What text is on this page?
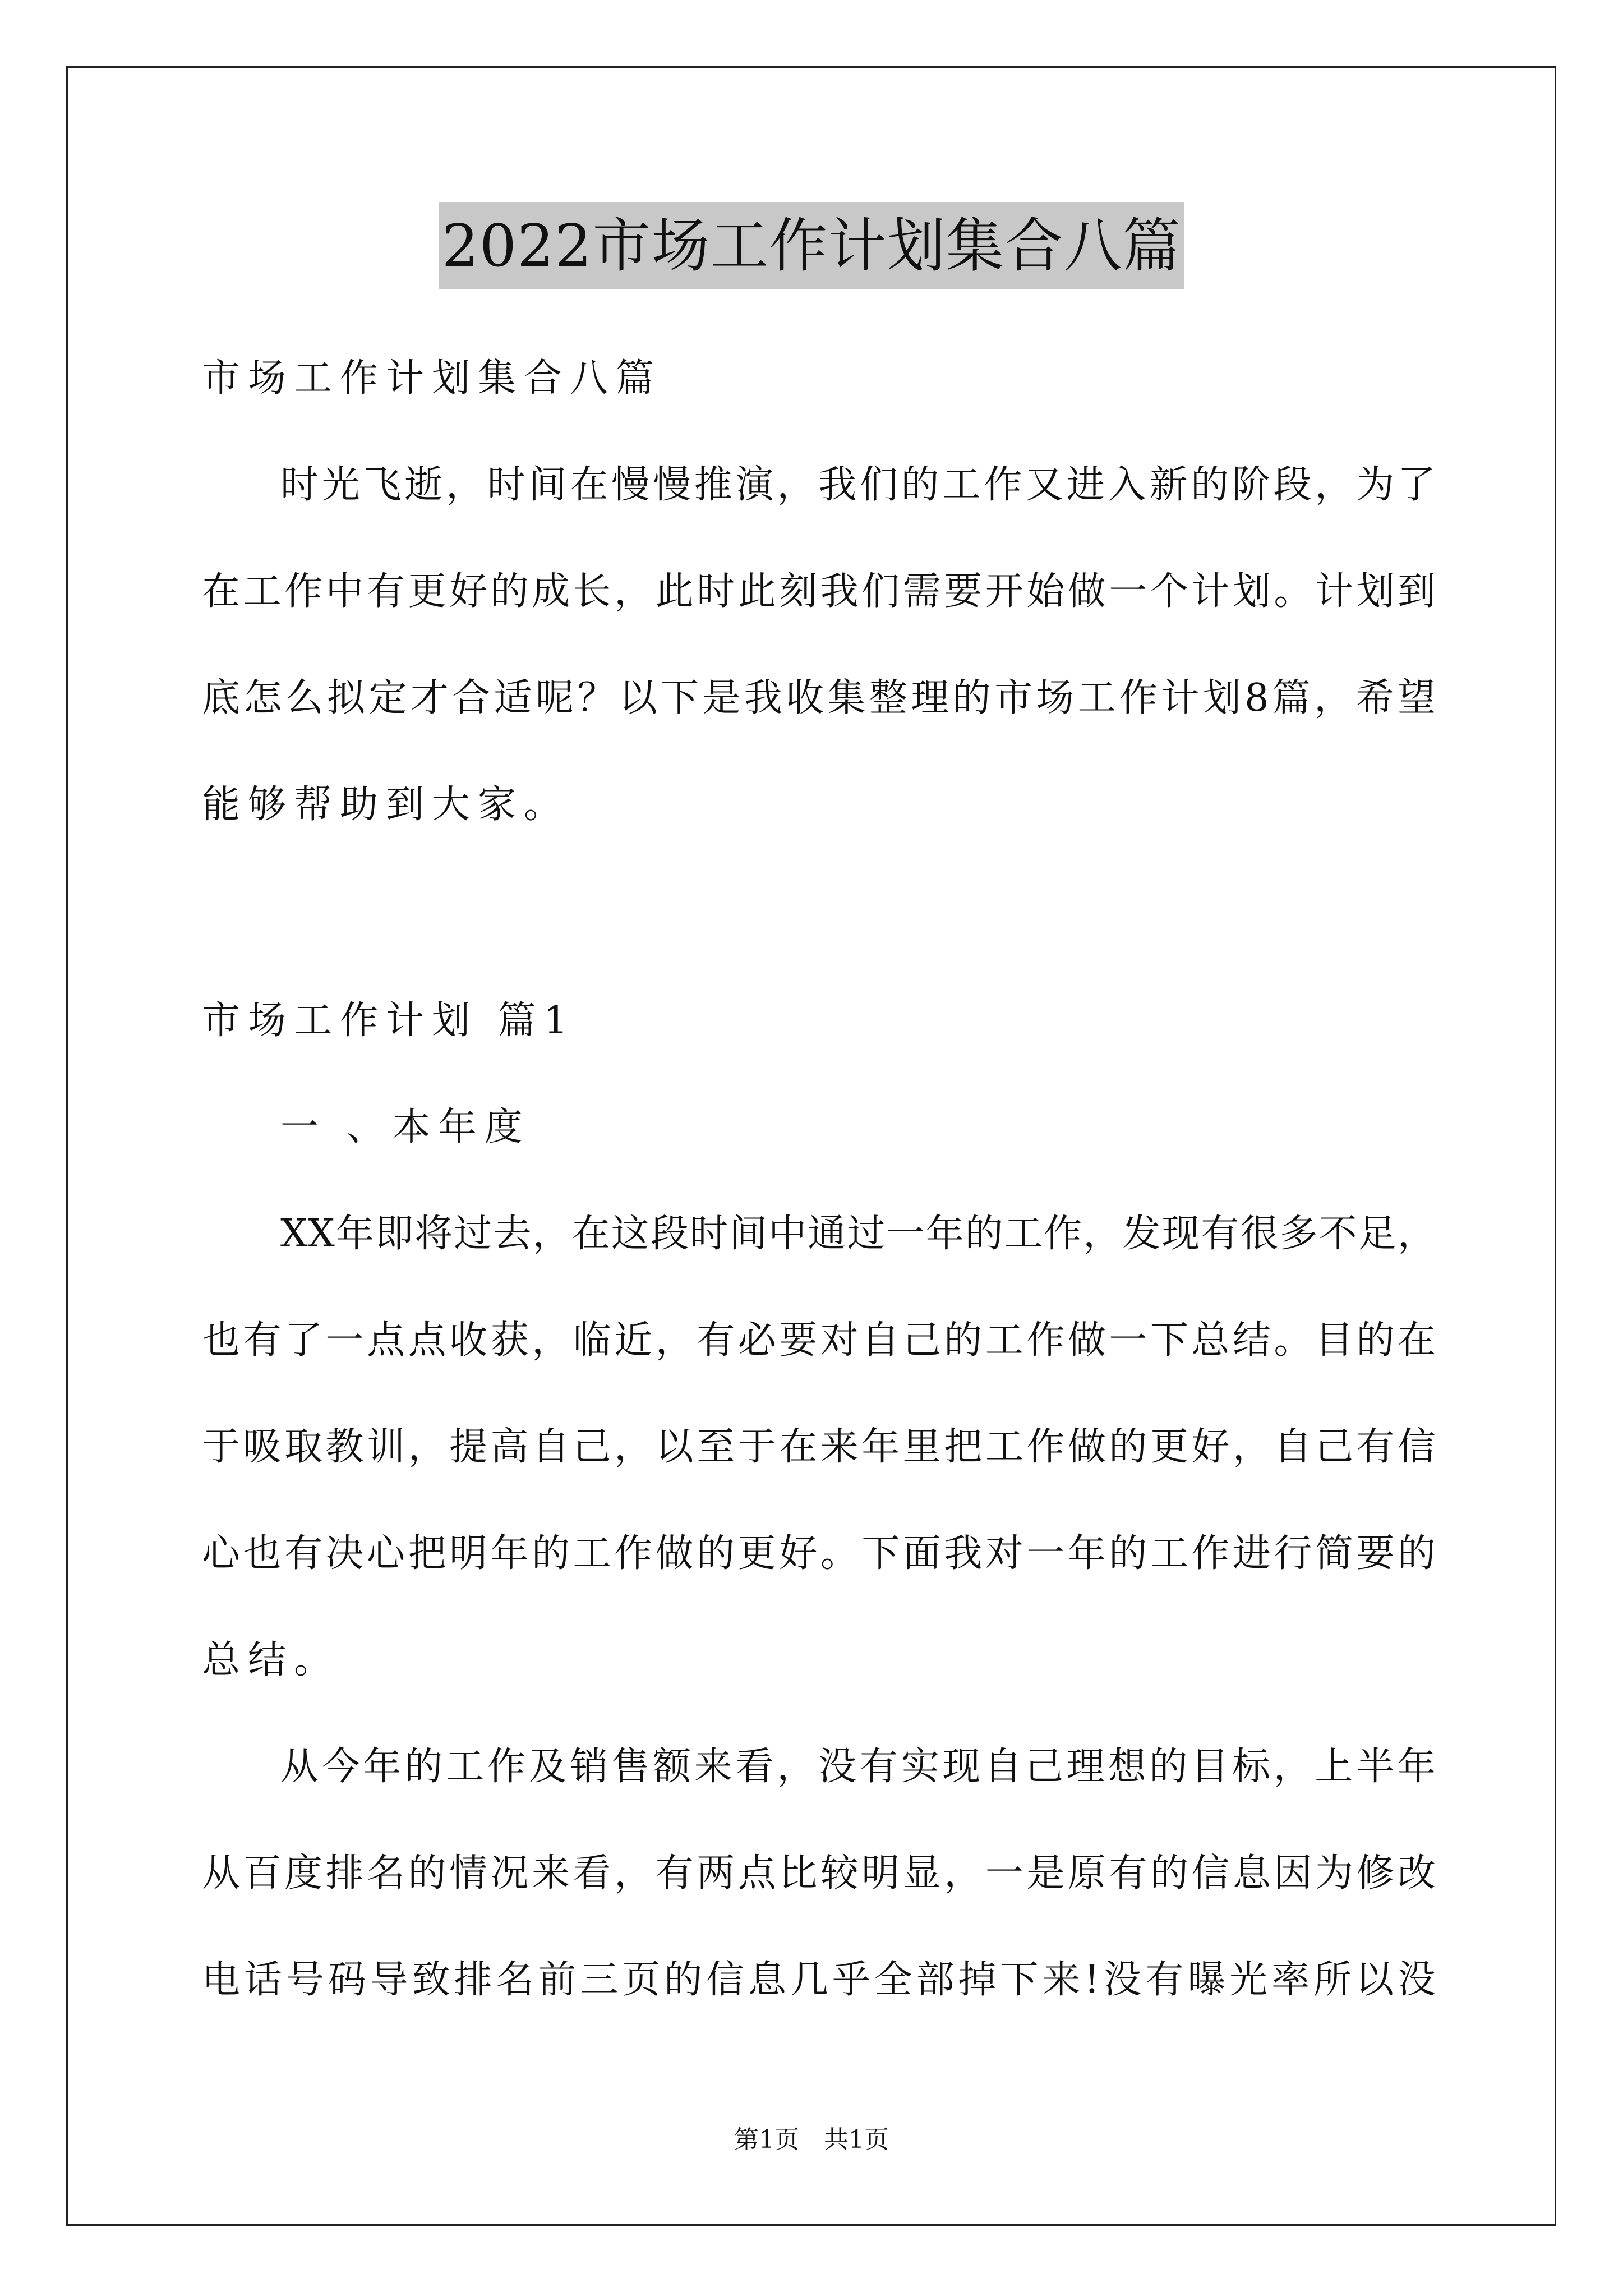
2022市场工作计划集合八篇
市场工作计划集合八篇
时光飞逝，时间在慢慢推演，我们的工作又进入新的阶段，为了
在工作中有更好的成长，此时此刻我们需要开始做一个计划。计划到
底怎么拟定才合适呢？以下是我收集整理的市场工作计划8篇，希望
能够帮助到大家。
市场工作计划 篇1
一 、本年度
XX年即将过去，在这段时间中通过一年的工作，发现有很多不足，
也有了一点点收获，临近，有必要对自己的工作做一下总结。目的在
于吸取教训，提高自己，以至于在来年里把工作做的更好，自己有信
心也有决心把明年的工作做的更好。下面我对一年的工作进行简要的
总结。
从今年的工作及销售额来看，没有实现自己理想的目标，上半年
从百度排名的情况来看，有两点比较明显，一是原有的信息因为修改
电话号码导致排名前三页的信息几乎全部掉下来!没有曝光率所以没
第1页　共1页
